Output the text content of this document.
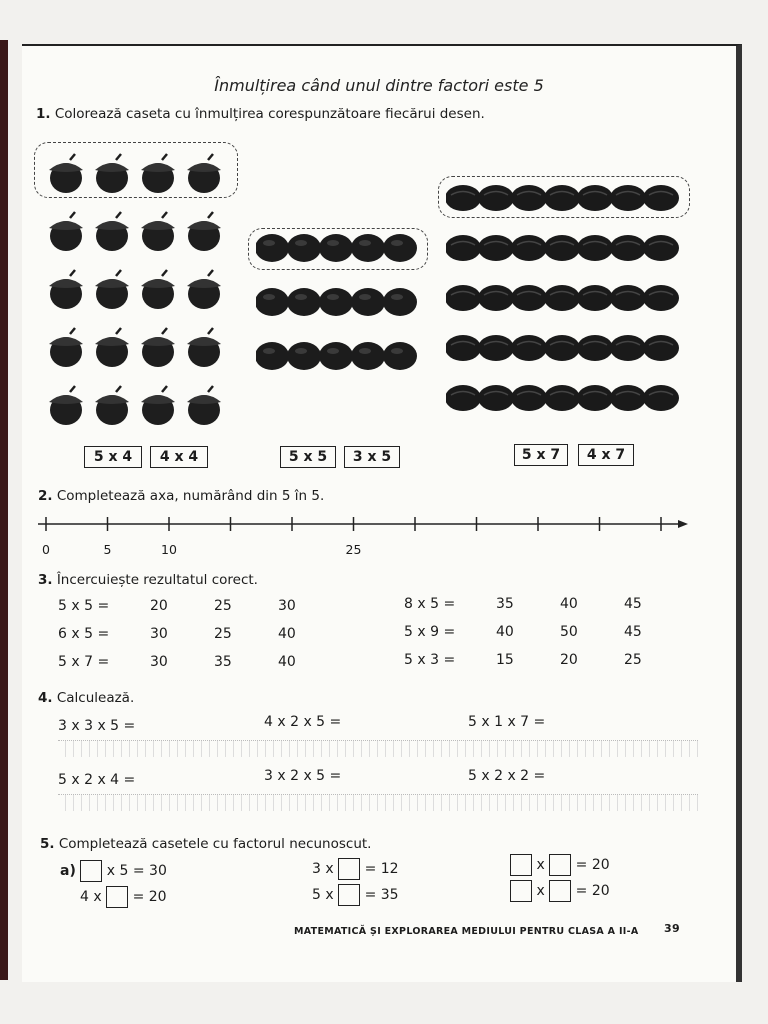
Înmulțirea când unul dintre factori este 5
1. Colorează caseta cu înmulțirea corespunzătoare fiecărui desen.
5 x 4	4 x 4	5 x 5	3 x 5	5 x 7	4 x 7
2. Completează axa, numărând din 5 în 5.
0	5	10	25
3. Încercuiește rezultatul corect.
5 x 5 =	20	25	30
6 x 5 =	30	25	40
5 x 7 =	30	35	40
8 x 5 =	35	40	45
5 x 9 =	40	50	45
5 x 3 =	15	20	25
4. Calculează.
3 x 3 x 5 =	4 x 2 x 5 =	5 x 1 x 7 =
5 x 2 x 4 =	3 x 2 x 5 =	5 x 2 x 2 =
5. Completează casetele cu factorul necunoscut.
a) x 5 = 30
4 x = 20
3 x = 12
5 x = 35
x = 20
x = 20
MATEMATICĂ ȘI EXPLORAREA MEDIULUI PENTRU CLASA A II-A 39
